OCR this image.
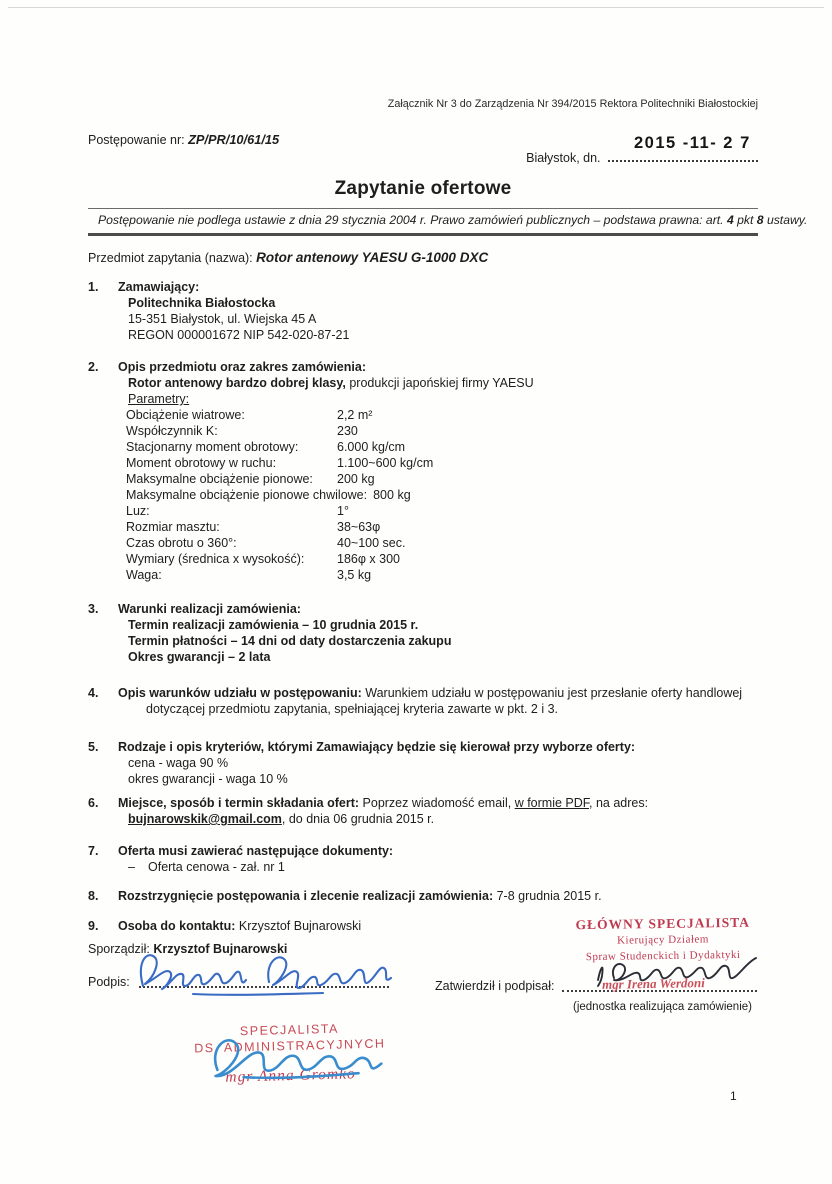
Załącznik Nr 3 do Zarządzenia Nr 394/2015 Rektora Politechniki Białostockiej
Postępowanie nr: ZP/PR/10/61/15
Białystok, dn.
2015 -11- 2 7
Zapytanie ofertowe
Postępowanie nie podlega ustawie z dnia 29 stycznia 2004 r. Prawo zamówień publicznych – podstawa prawna: art. 4 pkt 8 ustawy.
Przedmiot zapytania (nazwa): Rotor antenowy YAESU G-1000 DXC
1.	Zamawiający:
Politechnika Białostocka
15-351 Białystok, ul. Wiejska 45 A
REGON 000001672 NIP 542-020-87-21
2.	Opis przedmiotu oraz zakres zamówienia:
Rotor antenowy bardzo dobrej klasy, produkcji japońskiej firmy YAESU
Parametry:
Obciążenie wiatrowe:	2,2 m²
Współczynnik K:	230
Stacjonarny moment obrotowy:	6.000 kg/cm
Moment obrotowy w ruchu:	1.100~600 kg/cm
Maksymalne obciążenie pionowe:	200 kg
Maksymalne obciążenie pionowe chwilowe: 800 kg
Luz:	1°
Rozmiar masztu:	38~63φ
Czas obrotu o 360°:	40~100 sec.
Wymiary (średnica x wysokość):	186φ x 300
Waga:	3,5 kg
3.	Warunki realizacji zamówienia:
Termin realizacji zamówienia – 10 grudnia 2015 r.
Termin płatności – 14 dni od daty dostarczenia zakupu
Okres gwarancji – 2 lata
4.	Opis warunków udziału w postępowaniu: Warunkiem udziału w postępowaniu jest przesłanie oferty handlowej dotyczącej przedmiotu zapytania, spełniającej kryteria zawarte w pkt. 2 i 3.
5.	Rodzaje i opis kryteriów, którymi Zamawiający będzie się kierował przy wyborze oferty:
cena - waga 90 %
okres gwarancji - waga 10 %
6.	Miejsce, sposób i termin składania ofert: Poprzez wiadomość email, w formie PDF, na adres:
bujnarowskik@gmail.com, do dnia 06 grudnia 2015 r.
7.	Oferta musi zawierać następujące dokumenty:
–	Oferta cenowa - zał. nr 1
8.	Rozstrzygnięcie postępowania i zlecenie realizacji zamówienia: 7-8 grudnia 2015 r.
9.	Osoba do kontaktu: Krzysztof Bujnarowski
Sporządził: Krzysztof Bujnarowski
Podpis:
GŁÓWNY SPECJALISTA
Kierujący Działem
Spraw Studenckich i Dydaktyki
Zatwierdził i podpisał:	mgr Irena Werdoni
(jednostka realizująca zamówienie)
SPECJALISTA
DS. ADMINISTRACYJNYCH
mgr Anna Gromko
1
